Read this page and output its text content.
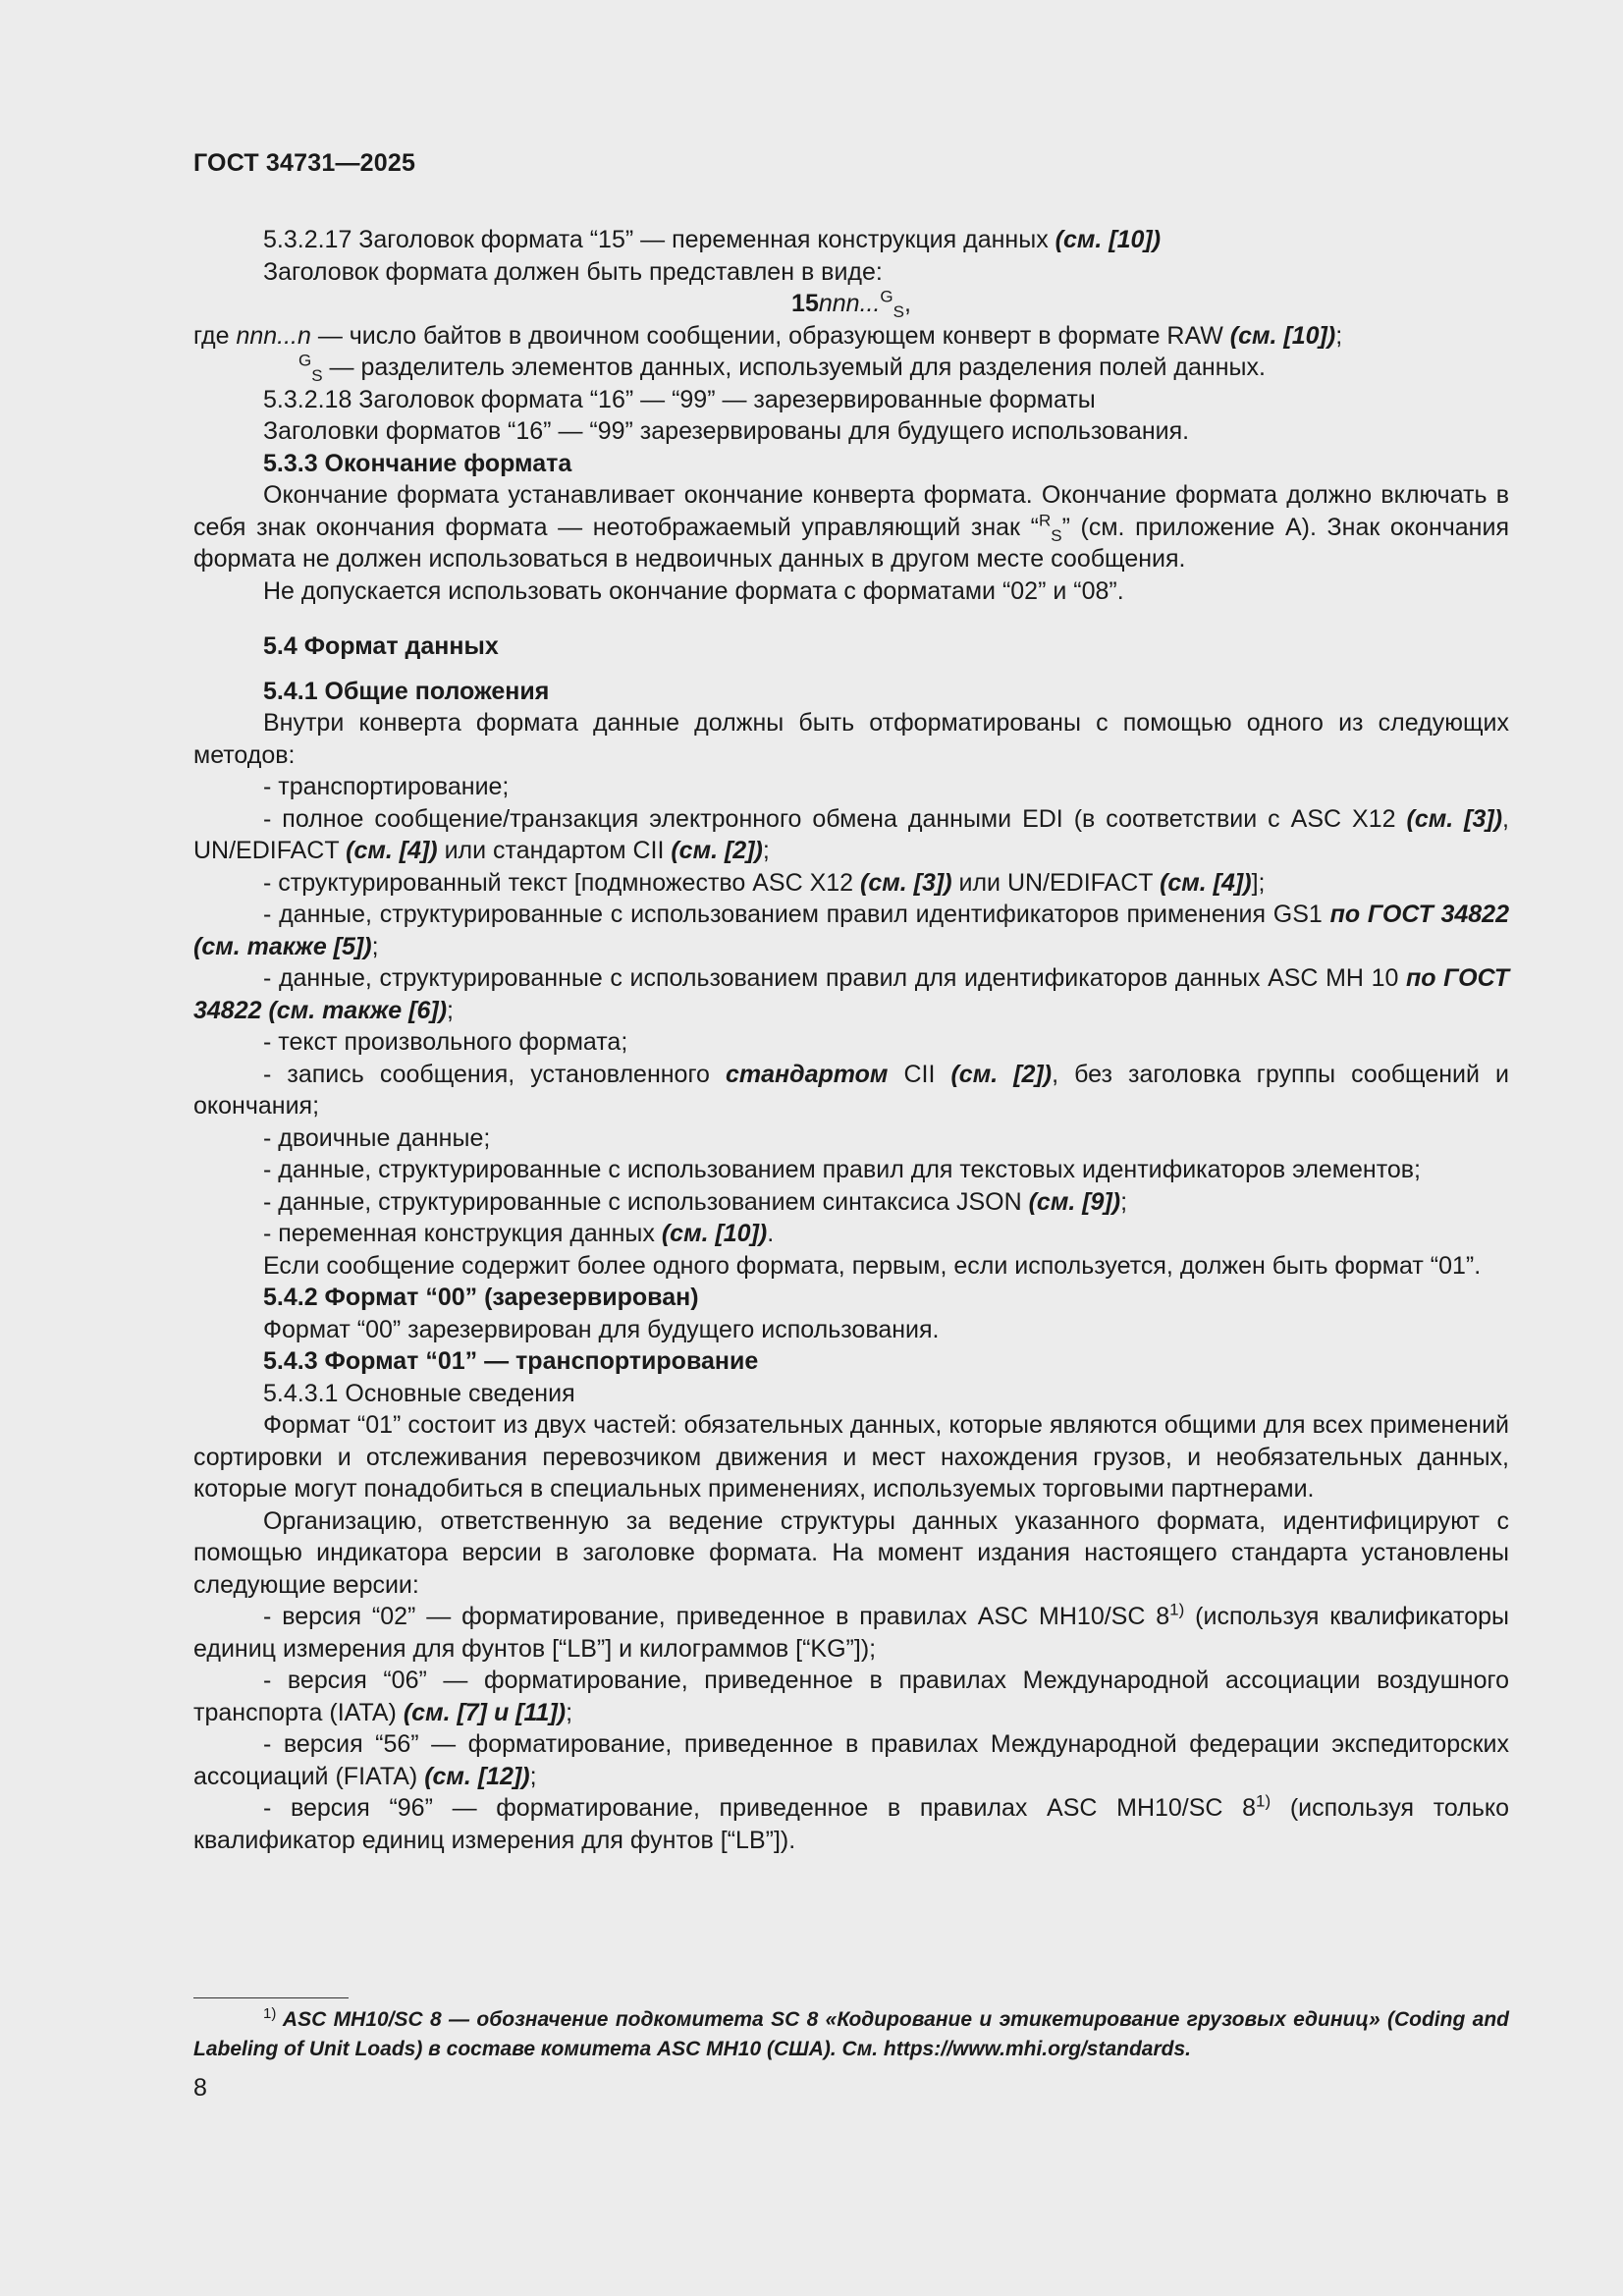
ГОСТ 34731—2025

5.3.2.17 Заголовок формата “15” — переменная конструкция данных (см. [10])

Заголовок формата должен быть представлен в виде:

15nnn...$^G_S$,

где nnn...n — число байтов в двоичном сообщении, образующем конверт в формате RAW (см. [10]);

$^G_S$ — разделитель элементов данных, используемый для разделения полей данных.

5.3.2.18 Заголовок формата “16” — “99” — зарезервированные форматы

Заголовки форматов “16” — “99” зарезервированы для будущего использования.

5.3.3 Окончание формата

Окончание формата устанавливает окончание конверта формата. Окончание формата должно включать в себя знак окончания формата — неотображаемый управляющий знак “$^R_S$” (см. приложение А). Знак окончания формата не должен использоваться в недвоичных данных в другом месте сообщения.

Не допускается использовать окончание формата с форматами “02” и “08”.

5.4 Формат данных

5.4.1 Общие положения

Внутри конверта формата данные должны быть отформатированы с помощью одного из следующих методов:

- транспортирование;

- полное сообщение/транзакция электронного обмена данными EDI (в соответствии с ASC X12 (см. [3]), UN/EDIFACT (см. [4]) или стандартом CII (см. [2]);

- структурированный текст [подмножество ASC X12 (см. [3]) или UN/EDIFACT (см. [4])];

- данные, структурированные с использованием правил идентификаторов применения GS1 по ГОСТ 34822 (см. также [5]);

- данные, структурированные с использованием правил для идентификаторов данных ASC MH 10 по ГОСТ 34822 (см. также [6]);

- текст произвольного формата;

- запись сообщения, установленного стандартом CII (см. [2]), без заголовка группы сообщений и окончания;

- двоичные данные;

- данные, структурированные с использованием правил для текстовых идентификаторов элементов;

- данные, структурированные с использованием синтаксиса JSON (см. [9]);

- переменная конструкция данных (см. [10]).

Если сообщение содержит более одного формата, первым, если используется, должен быть формат “01”.

5.4.2 Формат “00” (зарезервирован)

Формат “00” зарезервирован для будущего использования.

5.4.3 Формат “01” — транспортирование

5.4.3.1 Основные сведения

Формат “01” состоит из двух частей: обязательных данных, которые являются общими для всех применений сортировки и отслеживания перевозчиком движения и мест нахождения грузов, и необязательных данных, которые могут понадобиться в специальных применениях, используемых торговыми партнерами.

Организацию, ответственную за ведение структуры данных указанного формата, идентифицируют с помощью индикатора версии в заголовке формата. На момент издания настоящего стандарта установлены следующие версии:

- версия “02” — форматирование, приведенное в правилах ASC MH10/SC 8$^{1)}$ (используя квалификаторы единиц измерения для фунтов [“LB”] и килограммов [“KG”]);

- версия “06” — форматирование, приведенное в правилах Международной ассоциации воздушного транспорта (IATA) (см. [7] и [11]);

- версия “56” — форматирование, приведенное в правилах Международной федерации экспедиторских ассоциаций (FIATA) (см. [12]);

- версия “96” — форматирование, приведенное в правилах ASC MH10/SC 8$^{1)}$ (используя только квалификатор единиц измерения для фунтов [“LB”]).

$^{1)}$ ASC MH10/SC 8 — обозначение подкомитета SC 8 «Кодирование и этикетирование грузовых единиц» (Coding and Labeling of Unit Loads) в составе комитета ASC MH10 (США). См. https://www.mhi.org/standards.
8
